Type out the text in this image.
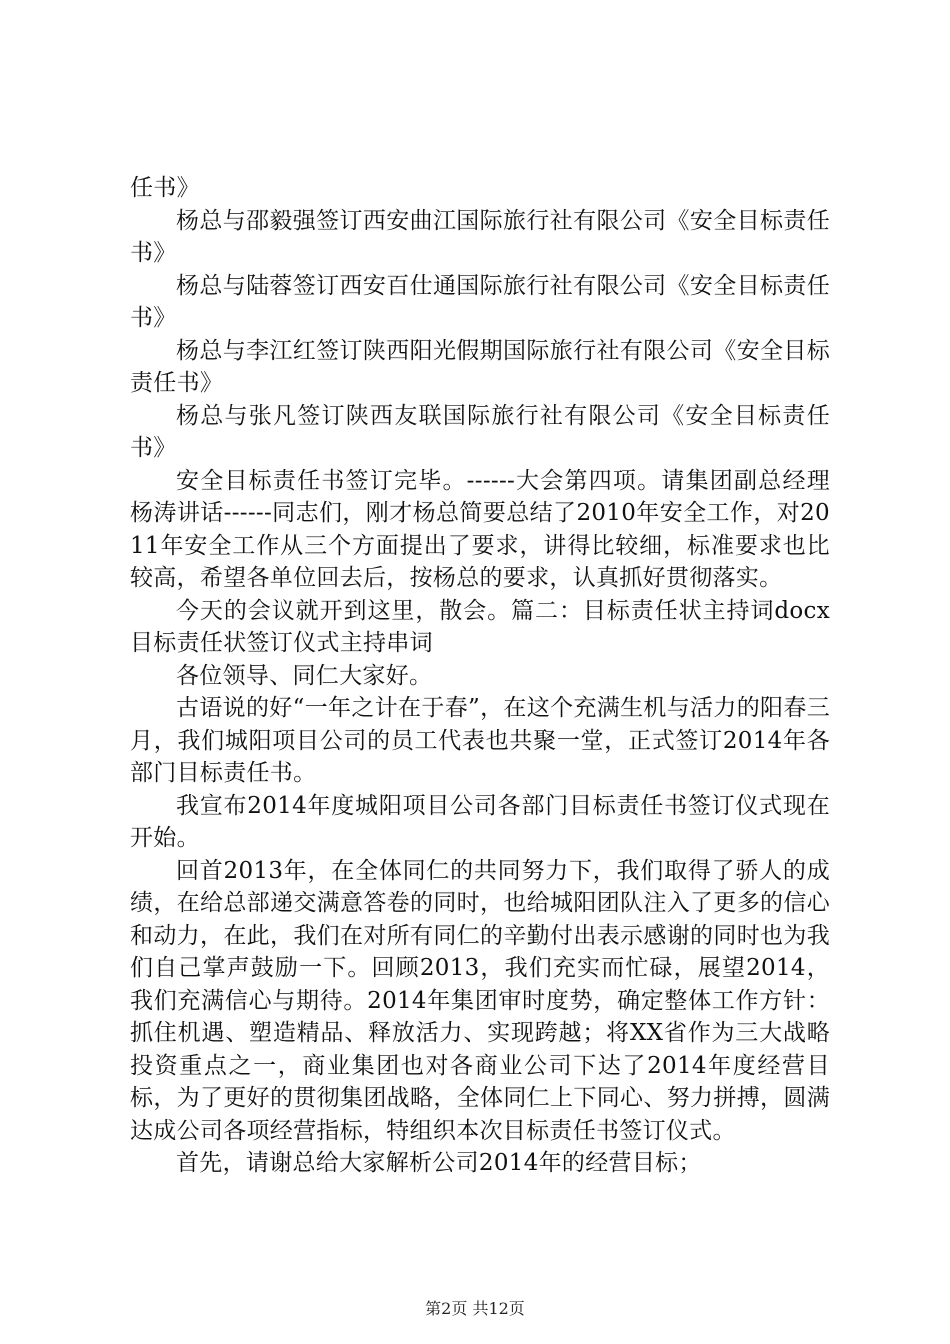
任书》

杨总与邵毅强签订西安曲江国际旅行社有限公司《安全目标责任书》

杨总与陆蓉签订西安百仕通国际旅行社有限公司《安全目标责任书》

杨总与李江红签订陕西阳光假期国际旅行社有限公司《安全目标责任书》

杨总与张凡签订陕西友联国际旅行社有限公司《安全目标责任书》

安全目标责任书签订完毕。------大会第四项。请集团副总经理杨涛讲话------同志们，刚才杨总简要总结了2010年安全工作，对2011年安全工作从三个方面提出了要求，讲得比较细，标准要求也比较高，希望各单位回去后，按杨总的要求，认真抓好贯彻落实。

今天的会议就开到这里，散会。篇二：目标责任状主持词docx目标责任状签订仪式主持串词

各位领导、同仁大家好。

古语说的好“一年之计在于春”，在这个充满生机与活力的阳春三月，我们城阳项目公司的员工代表也共聚一堂，正式签订2014年各部门目标责任书。

我宣布2014年度城阳项目公司各部门目标责任书签订仪式现在开始。

回首2013年，在全体同仁的共同努力下，我们取得了骄人的成绩，在给总部递交满意答卷的同时，也给城阳团队注入了更多的信心和动力，在此，我们在对所有同仁的辛勤付出表示感谢的同时也为我们自己掌声鼓励一下。回顾2013，我们充实而忙碌，展望2014，我们充满信心与期待。2014年集团审时度势，确定整体工作方针：抓住机遇、塑造精品、释放活力、实现跨越；将XX省作为三大战略投资重点之一，商业集团也对各商业公司下达了2014年度经营目标，为了更好的贯彻集团战略，全体同仁上下同心、努力拼搏，圆满达成公司各项经营指标，特组织本次目标责任书签订仪式。

首先，请谢总给大家解析公司2014年的经营目标；

第2页 共12页
